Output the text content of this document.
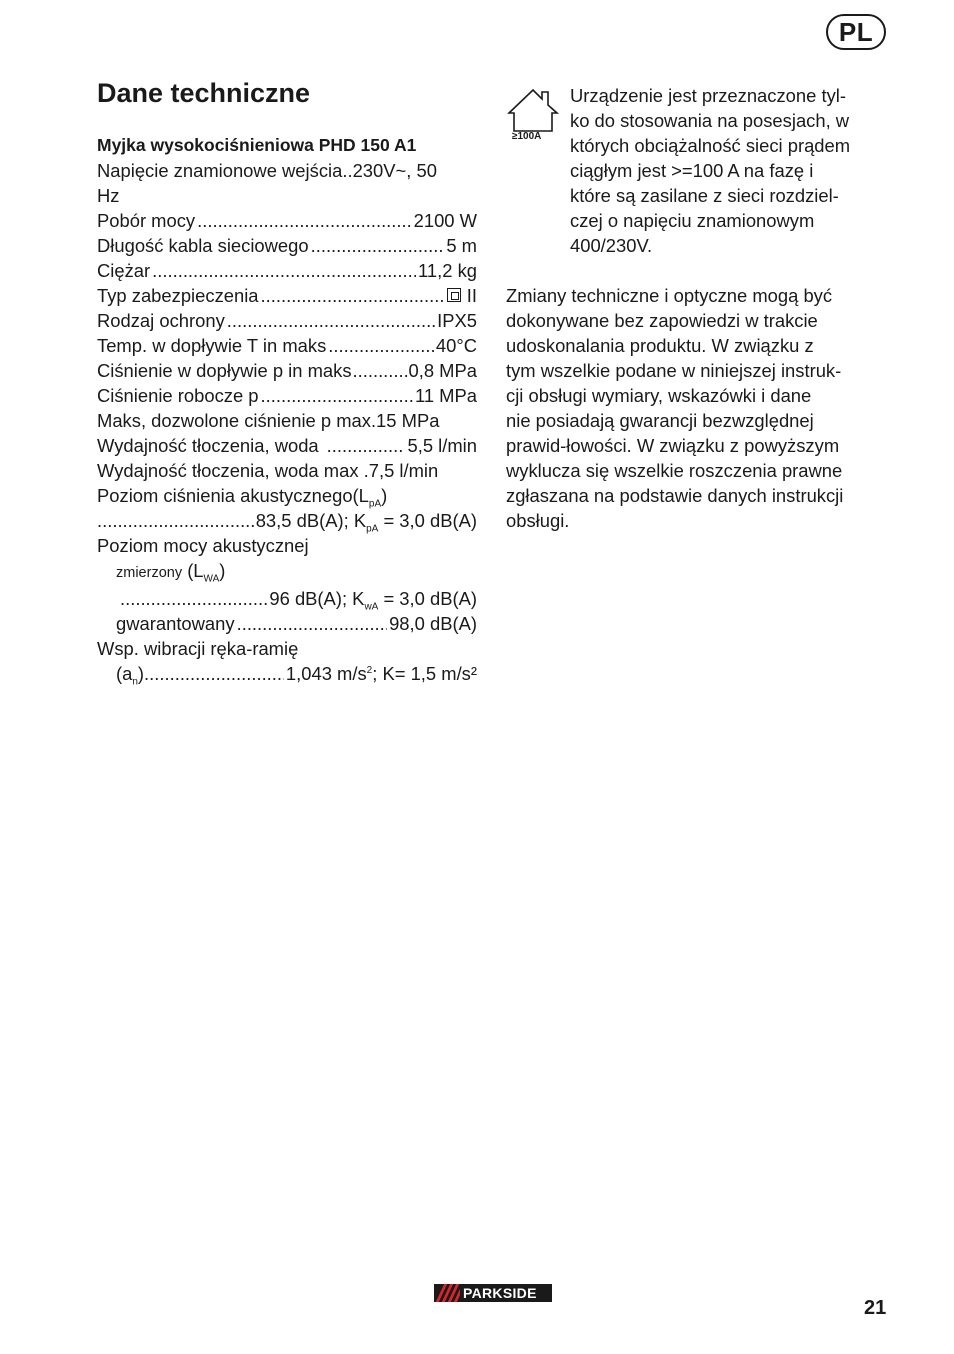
PL
Dane techniczne
Myjka wysokociśnieniowa PHD 150 A1
Napięcie znamionowe wejścia.. 230V~, 50
Hz
Pobór mocy .....	2100 W
Długość kabla sieciowego .....	5 m
Ciężar .....	11,2 kg
Typ zabezpieczenia .....	II
Rodzaj ochrony .....	IPX5
Temp. w dopływie T in maks .....	40°C
Ciśnienie w dopływie p in maks .....	0,8 MPa
Ciśnienie robocze p .....	11 MPa
Maks, dozwolone ciśnienie p max.15 MPa
Wydajność tłoczenia, woda .....	5,5 l/min
Wydajność tłoczenia, woda max .7,5 l/min
Poziom ciśnienia $akustycznego(L_{pA})$
.....
83,5 dB(A); $K_{pA} = 3,0$ dB(A)
Poziom mocy akustycznej
zmierzony $(L_{WA})$
.....
96 dB(A); $K_{wA} = 3,0$ dB(A)
gwarantowany .....	98,0 dB(A)
Wsp. wibracji ręka-ramię
$(a_n)$ .....	1,043 $m/s^2$; K= 1,5 m/s²
≥100A
Urządzenie jest przeznaczone tyl-
ko do stosowania na posesjach, w
których obciążalność sieci prądem
ciągłym jest >=100 A na fazę i
które są zasilane z sieci rozdziel-
czej o napięciu znamionowym
400/230V.
Zmiany techniczne i optyczne mogą być
dokonywane bez zapowiedzi w trakcie
udoskonalania produktu. W związku z
tym wszelkie podane w niniejszej instruk-
cji obsługi wymiary, wskazówki i dane
nie posiadają gwarancji bezwzględnej
prawid-łowości. W związku z powyższym
wyklucza się wszelkie roszczenia prawne
zgłaszana na podstawie danych instrukcji
obsługi.
PARKSIDE
21
